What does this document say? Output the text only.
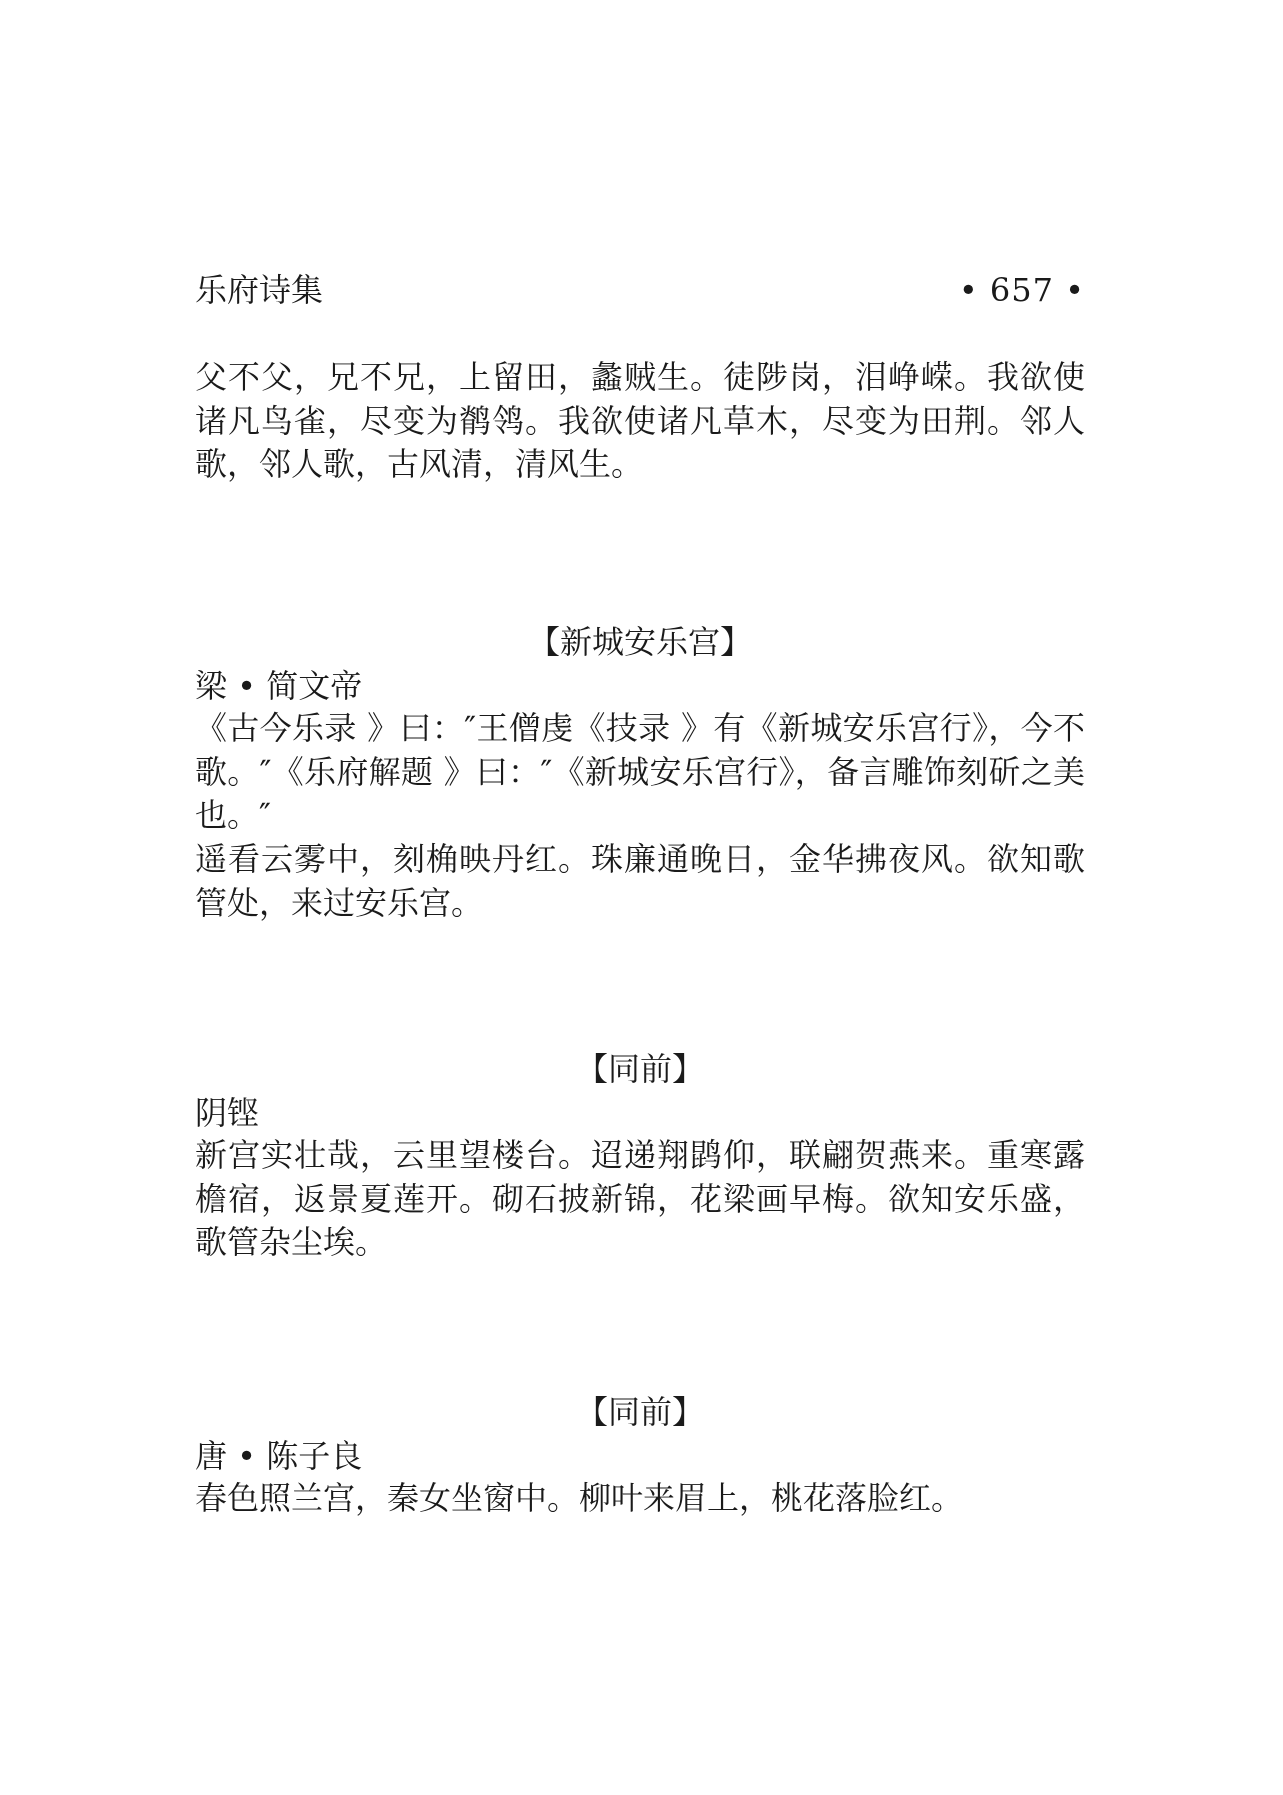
乐府诗集	• 657 •
父不父，兄不兄，上留田，蠡贼生。徒陟岗，泪峥嵘。我欲使诸凡鸟雀，尽变为鹡鸰。我欲使诸凡草木，尽变为田荆。邻人歌，邻人歌，古风清，清风生。
【新城安乐宫】
梁 • 简文帝
《古今乐录 》曰：″王僧虔《技录 》有《新城安乐宫行》，今不歌。″《乐府解题 》曰：″《新城安乐宫行》，备言雕饰刻斫之美也。″
遥看云雾中，刻桷映丹红。珠廉通晚日，金华拂夜风。欲知歌管处，来过安乐宫。
【同前】
阴铿
新宫实壮哉，云里望楼台。迢递翔鹍仰，联翩贺燕来。重寒露檐宿，返景夏莲开。砌石披新锦，花梁画早梅。欲知安乐盛，歌管杂尘埃。
【同前】
唐 • 陈子良
春色照兰宫，秦女坐窗中。柳叶来眉上，桃花落脸红。
